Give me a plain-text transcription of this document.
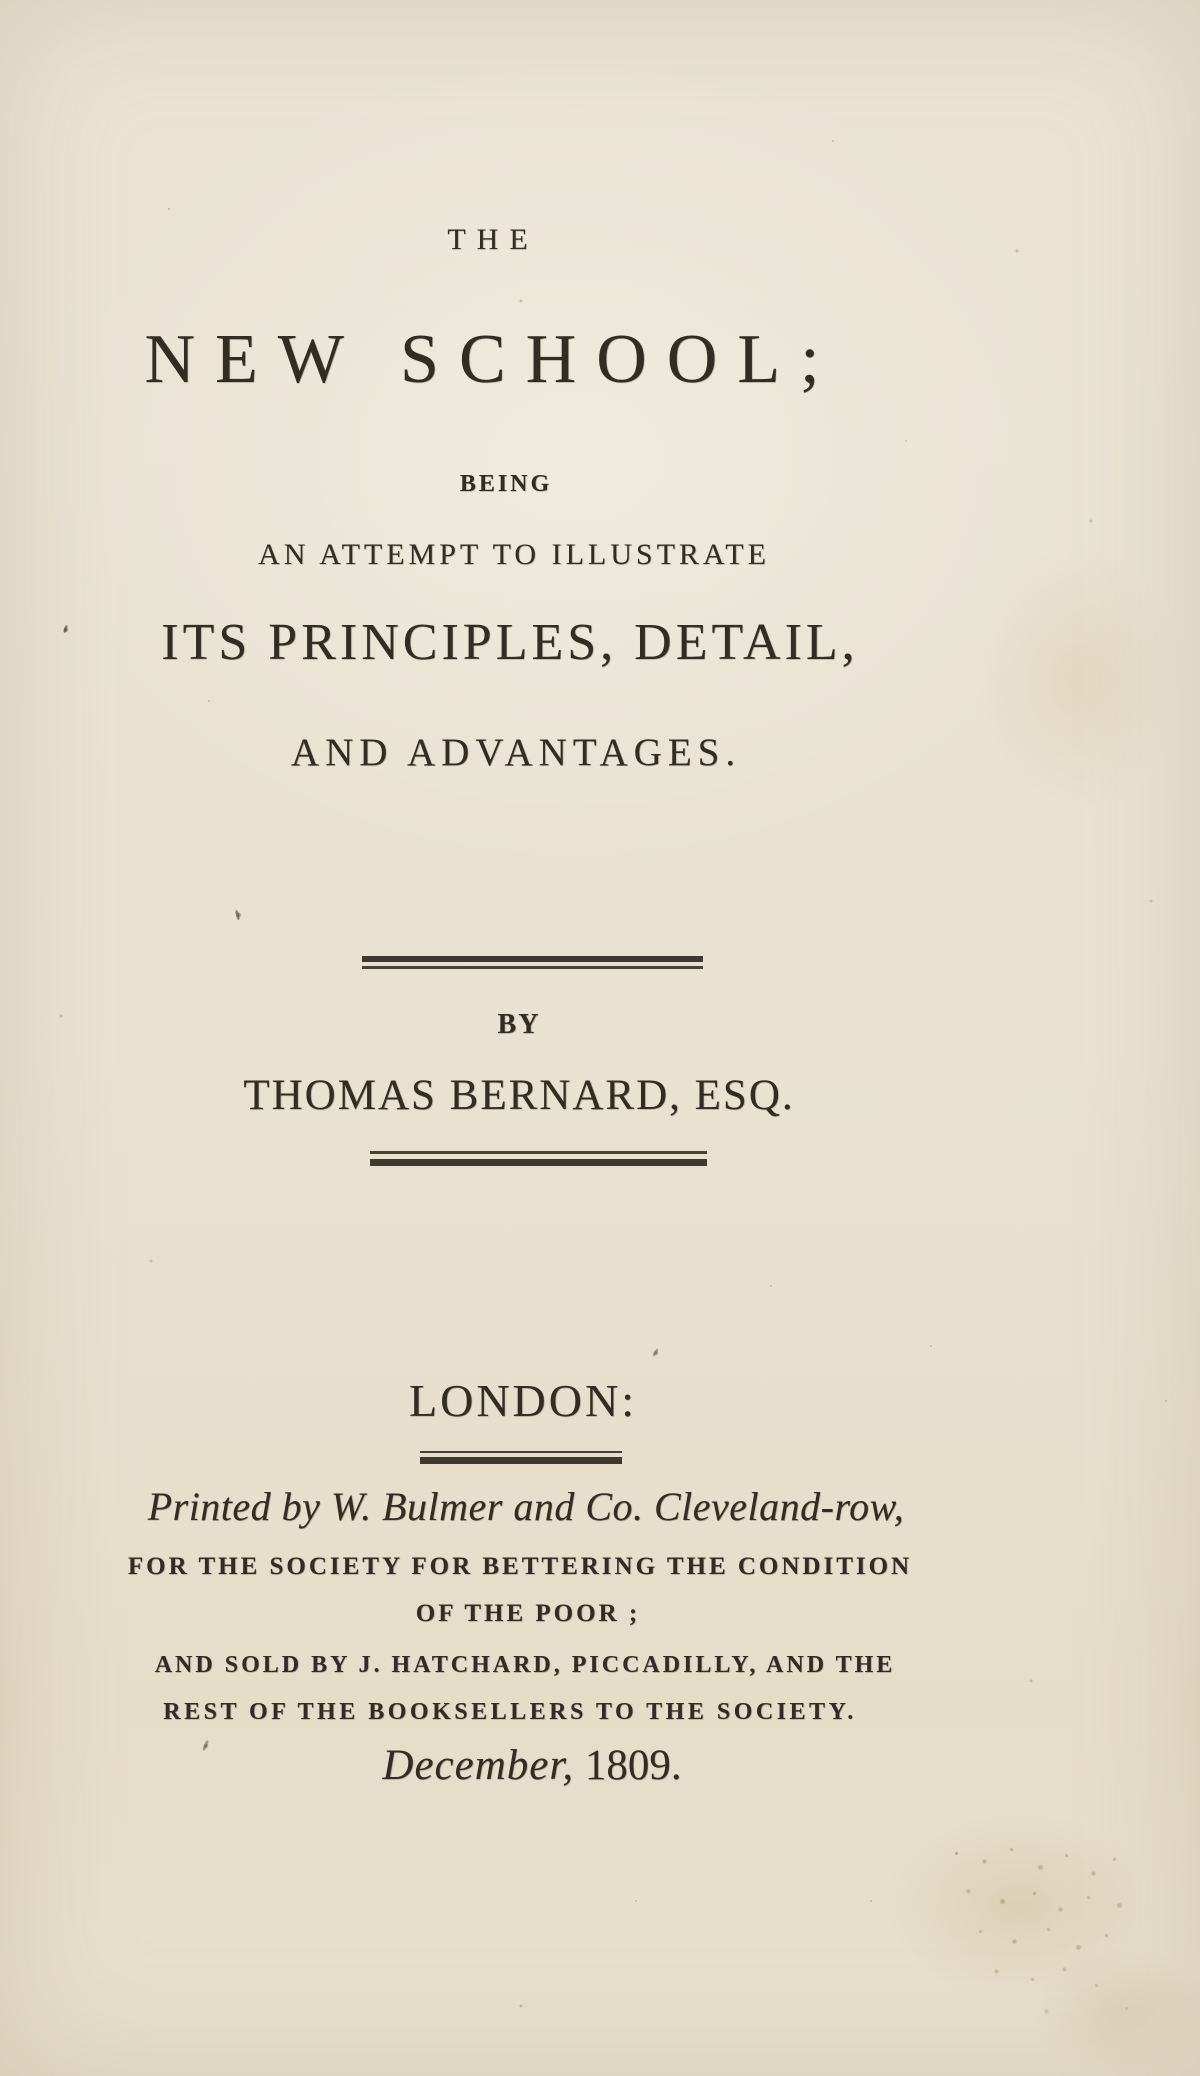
THE
NEW SCHOOL;
BEING
AN ATTEMPT TO ILLUSTRATE
ITS PRINCIPLES, DETAIL,
AND ADVANTAGES.
BY
THOMAS BERNARD, ESQ.
LONDON:
Printed by W. Bulmer and Co. Cleveland-row,
FOR THE SOCIETY FOR BETTERING THE CONDITION
OF THE POOR ;
AND SOLD BY J. HATCHARD, PICCADILLY, AND THE
REST OF THE BOOKSELLERS TO THE SOCIETY.
December, 1809.
